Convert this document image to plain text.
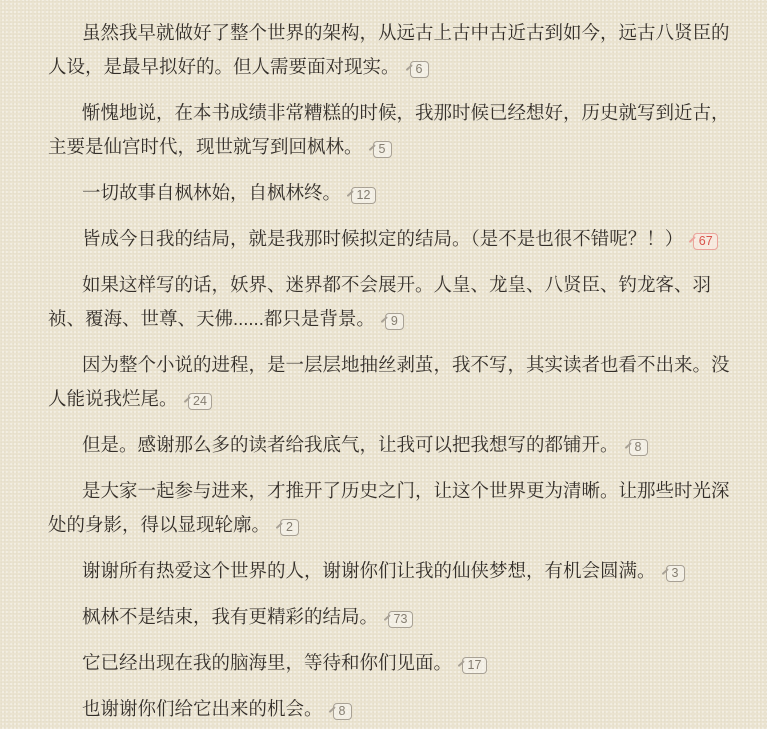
虽然我早就做好了整个世界的架构，从远古上古中古近古到如今，远古八贤臣的人设，是最早拟好的。但人需要面对现实。 6

惭愧地说，在本书成绩非常糟糕的时候，我那时候已经想好，历史就写到近古，主要是仙宫时代，现世就写到回枫林。 5

一切故事自枫林始，自枫林终。 12

皆成今日我的结局，就是我那时候拟定的结局。（是不是也很不错呢？！） 67

如果这样写的话，妖界、迷界都不会展开。人皇、龙皇、八贤臣、钓龙客、羽祯、覆海、世尊、天佛......都只是背景。 9

因为整个小说的进程，是一层层地抽丝剥茧，我不写，其实读者也看不出来。没人能说我烂尾。 24

但是。感谢那么多的读者给我底气，让我可以把我想写的都铺开。 8

是大家一起参与进来，才推开了历史之门，让这个世界更为清晰。让那些时光深处的身影，得以显现轮廓。 2

谢谢所有热爱这个世界的人，谢谢你们让我的仙侠梦想，有机会圆满。 3

枫林不是结束，我有更精彩的结局。 73

它已经出现在我的脑海里，等待和你们见面。 17

也谢谢你们给它出来的机会。 8
